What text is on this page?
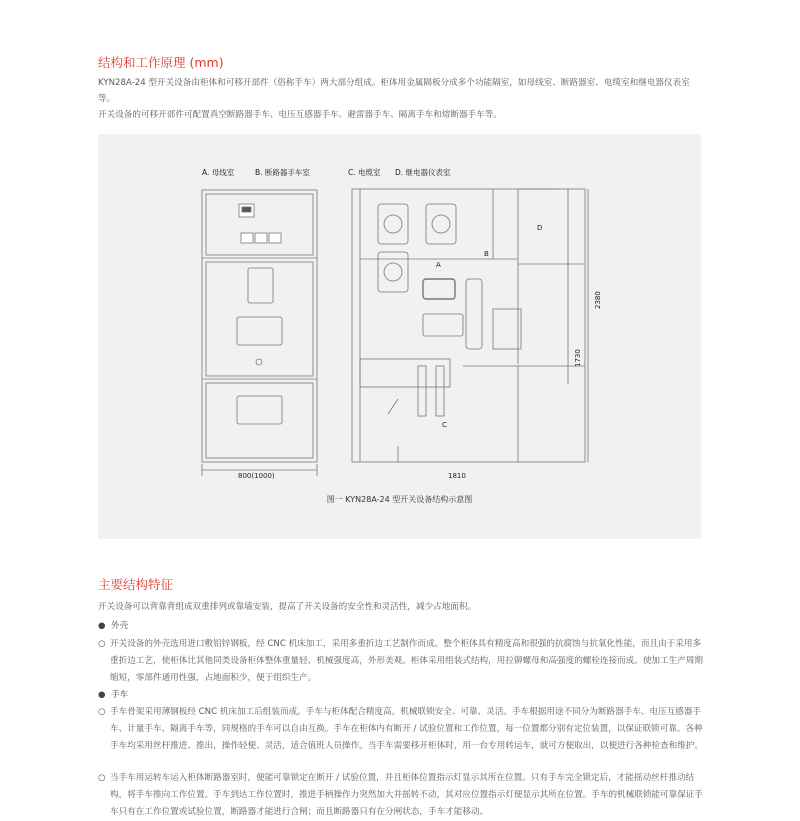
结构和工作原理 (mm)
KYN28A-24 型开关设备由柜体和可移开部件（俗称手车）两大部分组成。柜体用金属隔板分成多个功能隔室，如母线室、断路器室、电缆室和继电器仪表室等。
开关设备的可移开部件可配置真空断路器手车、电压互感器手车、避雷器手车、隔离手车和熔断器手车等。
A. 母线室	B. 断路器手车室	C. 电缆室 D. 继电器仪表室
A
B
C
D
800(1000)	1810
2380
1730
图一 KYN28A-24 型开关设备结构示意图
主要结构特征
开关设备可以背靠背组成双重排列或靠墙安装，提高了开关设备的安全性和灵活性，减少占地面积。
● 外壳
○ 开关设备的外壳选用进口敷铝锌钢板，经 CNC 机床加工，采用多重折边工艺制作而成。整个柜体具有精度高和很强的抗腐蚀与抗氧化性能，而且由于采用多重折边工艺，使柜体比其他同类设备柜体整体重量轻、机械强度高，外形美观。柜体采用组装式结构，用拉铆螺母和高强度的螺栓连接而成。使加工生产周期缩短，零部件通用性强，占地面积少，便于组织生产。
● 手车
○ 手车骨架采用薄钢板经 CNC 机床加工后组装而成。手车与柜体配合精度高，机械联锁安全、可靠、灵活。手车根据用途不同分为断路器手车、电压互感器手车、计量手车、隔离手车等，同规格的手车可以自由互换。手车在柜体内有断开 / 试验位置和工作位置，每一位置都分别有定位装置，以保证联锁可靠。各种手车均采用丝杆推进、推出，操作轻便、灵活，适合值班人员操作。当手车需要移开柜体时，用一台专用转运车，就可方便取出，以便进行各种检查和维护。
○ 当手车用运转车运入柜体断路器室时，便能可靠锁定在断开 / 试验位置，并且柜体位置指示灯显示其所在位置。只有手车完全锁定后，才能摇动丝杆推动结构，将手车推向工作位置。手车到达工作位置时，推进手柄操作力突然加大并摇转不动，其对应位置指示灯便显示其所在位置。手车的机械联锁能可靠保证手车只有在工作位置或试验位置，断路器才能进行合闸；而且断路器只有在分闸状态，手车才能移动。
